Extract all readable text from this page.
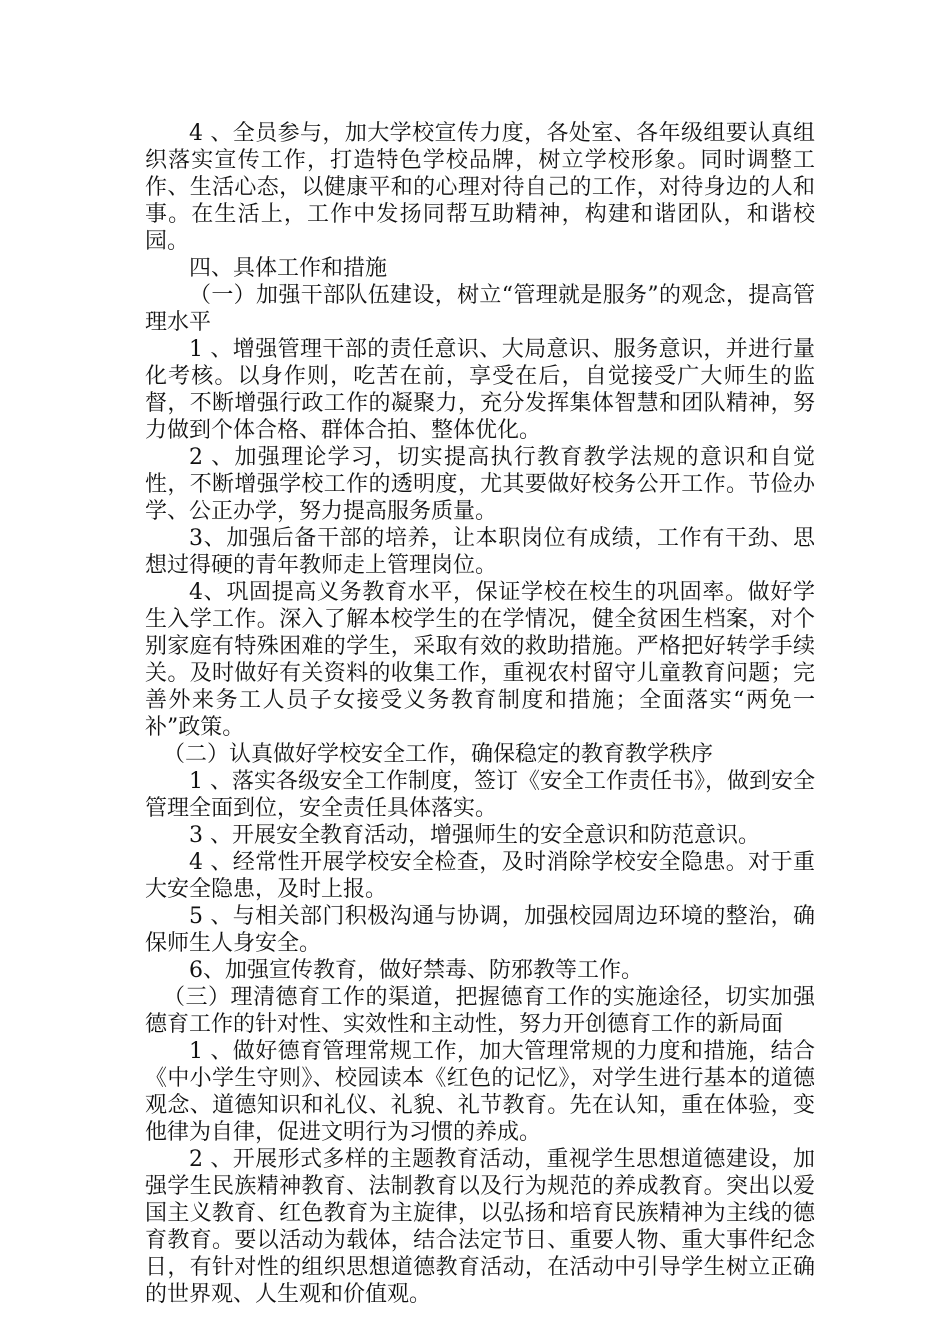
4 、全员参与，加大学校宣传力度，各处室、各年级组要认真组织落实宣传工作，打造特色学校品牌，树立学校形象。同时调整工作、生活心态，以健康平和的心理对待自己的工作，对待身边的人和事。在生活上，工作中发扬同帮互助精神，构建和谐团队，和谐校园。

四、具体工作和措施

（一）加强干部队伍建设，树立“管理就是服务”的观念，提高管理水平

1 、增强管理干部的责任意识、大局意识、服务意识，并进行量化考核。以身作则，吃苦在前，享受在后，自觉接受广大师生的监督，不断增强行政工作的凝聚力，充分发挥集体智慧和团队精神，努力做到个体合格、群体合拍、整体优化。

2 、加强理论学习，切实提高执行教育教学法规的意识和自觉性，不断增强学校工作的透明度，尤其要做好校务公开工作。节俭办学、公正办学，努力提高服务质量。

3、加强后备干部的培养，让本职岗位有成绩，工作有干劲、思想过得硬的青年教师走上管理岗位。

4、巩固提高义务教育水平，保证学校在校生的巩固率。做好学生入学工作。深入了解本校学生的在学情况，健全贫困生档案，对个别家庭有特殊困难的学生，采取有效的救助措施。严格把好转学手续关。及时做好有关资料的收集工作，重视农村留守儿童教育问题；完善外来务工人员子女接受义务教育制度和措施；全面落实“两免一补”政策。

（二）认真做好学校安全工作，确保稳定的教育教学秩序

1 、落实各级安全工作制度，签订《安全工作责任书》，做到安全管理全面到位，安全责任具体落实。

3 、开展安全教育活动，增强师生的安全意识和防范意识。

4 、经常性开展学校安全检查，及时消除学校安全隐患。对于重大安全隐患，及时上报。

5 、与相关部门积极沟通与协调，加强校园周边环境的整治，确保师生人身安全。

6、加强宣传教育，做好禁毒、防邪教等工作。

（三）理清德育工作的渠道，把握德育工作的实施途径，切实加强德育工作的针对性、实效性和主动性，努力开创德育工作的新局面

1 、做好德育管理常规工作，加大管理常规的力度和措施，结合《中小学生守则》、校园读本《红色的记忆》，对学生进行基本的道德观念、道德知识和礼仪、礼貌、礼节教育。先在认知，重在体验，变他律为自律，促进文明行为习惯的养成。

2 、开展形式多样的主题教育活动，重视学生思想道德建设，加强学生民族精神教育、法制教育以及行为规范的养成教育。突出以爱国主义教育、红色教育为主旋律，以弘扬和培育民族精神为主线的德育教育。要以活动为载体，结合法定节日、重要人物、重大事件纪念日，有针对性的组织思想道德教育活动，在活动中引导学生树立正确的世界观、人生观和价值观。
